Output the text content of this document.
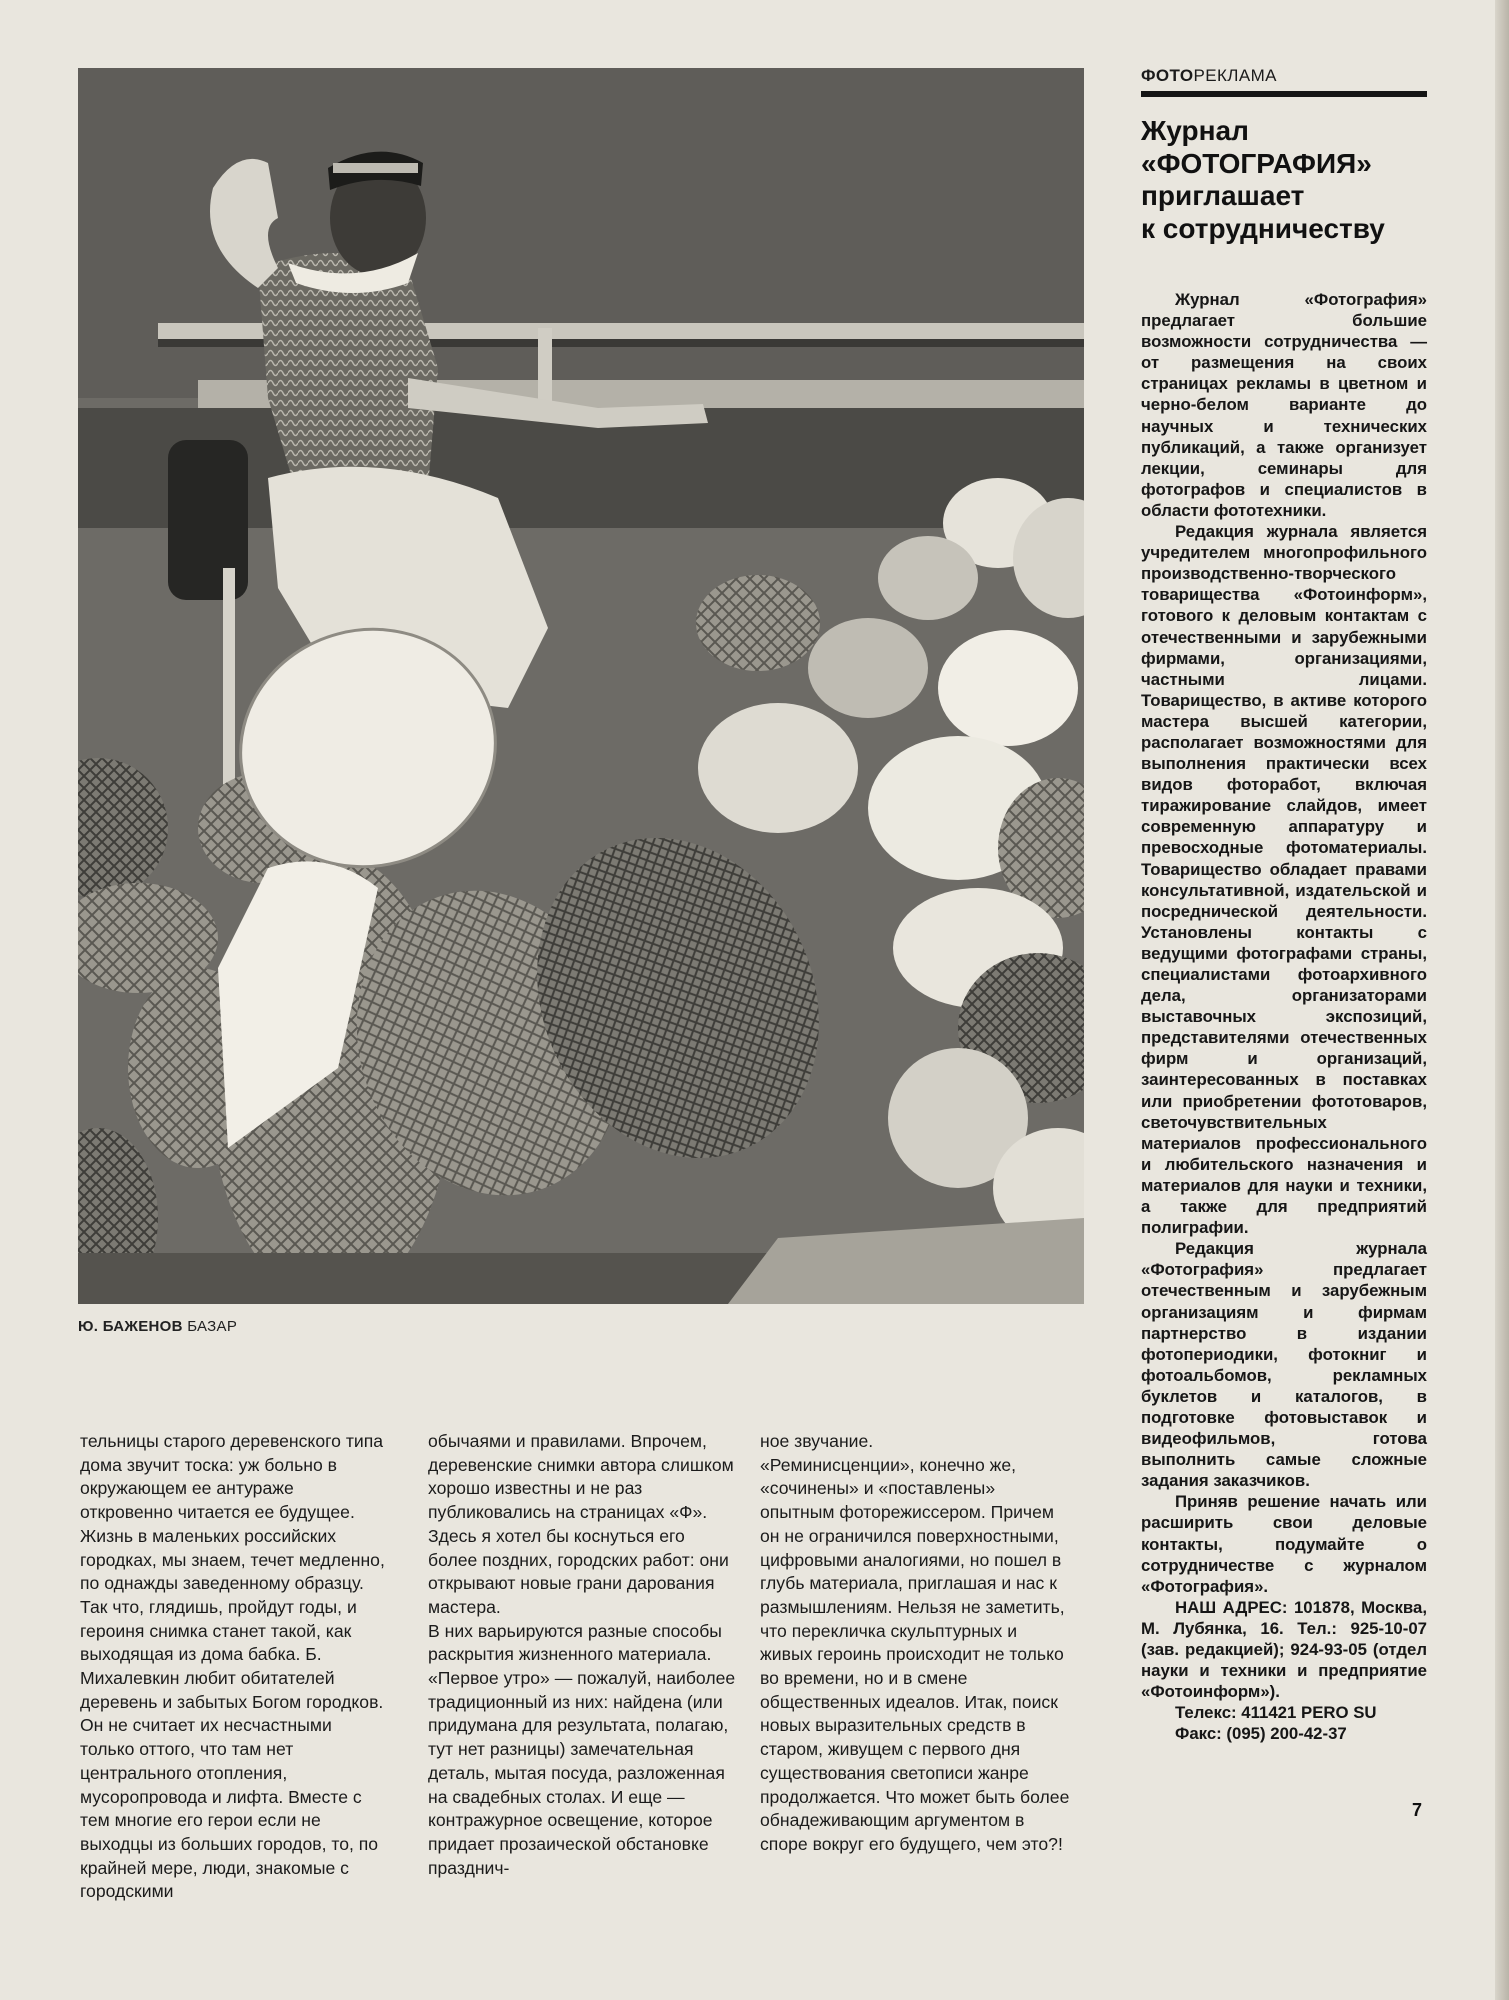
Ю. БАЖЕНОВ БАЗАР

тельницы старого деревенского типа дома звучит тоска: уж больно в окружающем ее антураже откровенно читается ее будущее. Жизнь в маленьких российских городках, мы знаем, течет медленно, по однажды заведенному образцу. Так что, глядишь, пройдут годы, и героиня снимка станет такой, как выходящая из дома бабка. Б. Михалевкин любит обитателей деревень и забытых Богом городков. Он не считает их несчастными только оттого, что там нет центрального отопления, мусоропровода и лифта. Вместе с тем многие его герои если не выходцы из больших городов, то, по крайней мере, люди, знакомые с городскими

обычаями и правилами. Впрочем, деревенские снимки автора слишком хорошо известны и не раз публиковались на страницах «Ф». Здесь я хотел бы коснуться его более поздних, городских работ: они открывают новые грани дарования мастера.

В них варьируются разные способы раскрытия жизненного материала. «Первое утро» — пожалуй, наиболее традиционный из них: найдена (или придумана для результата, полагаю, тут нет разницы) замечательная деталь, мытая посуда, разложенная на свадебных столах. И еще — контражурное освещение, которое придает прозаической обстановке празднич-

ное звучание.

«Реминисценции», конечно же, «сочинены» и «поставлены» опытным фоторежиссером. Причем он не ограничился поверхностными, цифровыми аналогиями, но пошел в глубь материала, приглашая и нас к размышлениям. Нельзя не заметить, что перекличка скульптурных и живых героинь происходит не только во времени, но и в смене общественных идеалов. Итак, поиск новых выразительных средств в старом, живущем с первого дня существования светописи жанре продолжается. Что может быть более обнадеживающим аргументом в споре вокруг его будущего, чем это?!

ФОТОРЕКЛАМА
Журнал
«ФОТОГРАФИЯ»
приглашает
к сотрудничеству

Журнал «Фотография» предлагает большие возможности сотрудничества — от размещения на своих страницах рекламы в цветном и черно-белом варианте до научных и технических публикаций, а также организует лекции, семинары для фотографов и специалистов в области фототехники.

Редакция журнала является учредителем многопрофильного производственно-творческого товарищества «Фотоинформ», готового к деловым контактам с отечественными и зарубежными фирмами, организациями, частными лицами. Товарищество, в активе которого мастера высшей категории, располагает возможностями для выполнения практически всех видов фоторабот, включая тиражирование слайдов, имеет современную аппаратуру и превосходные фотоматериалы. Товарищество обладает правами консультативной, издательской и посреднической деятельности. Установлены контакты с ведущими фотографами страны, специалистами фотоархивного дела, организаторами выставочных экспозиций, представителями отечественных фирм и организаций, заинтересованных в поставках или приобретении фототоваров, светочувствительных материалов профессионального и любительского назначения и материалов для науки и техники, а также для предприятий полиграфии.

Редакция журнала «Фотография» предлагает отечественным и зарубежным организациям и фирмам партнерство в издании фотопериодики, фотокниг и фотоальбомов, рекламных буклетов и каталогов, в подготовке фотовыставок и видеофильмов, готова выполнить самые сложные задания заказчиков.

Приняв решение начать или расширить свои деловые контакты, подумайте о сотрудничестве с журналом «Фотография».

НАШ АДРЕС: 101878, Москва, М. Лубянка, 16. Тел.: 925-10-07 (зав. редакцией); 924-93-05 (отдел науки и техники и предприятие «Фотоинформ»).

Телекс: 411421 PERO SU

Факс: (095) 200-42-37

7
